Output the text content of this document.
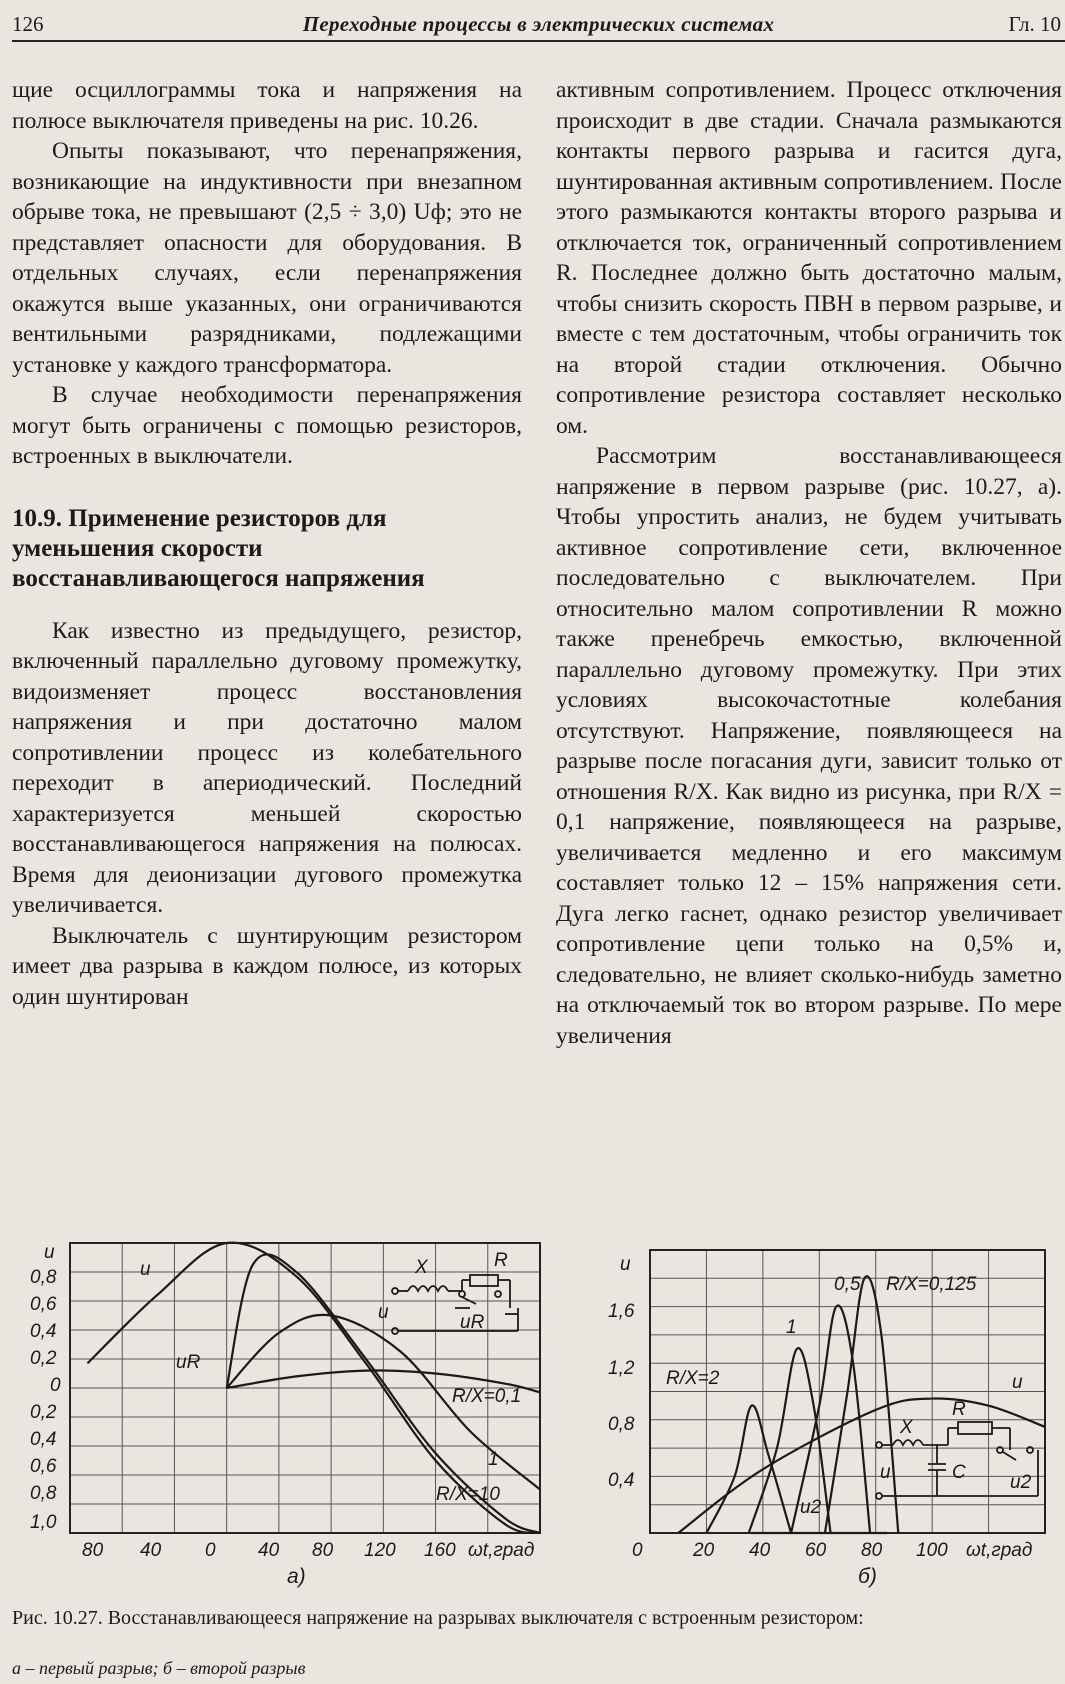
126	Переходные процессы в электрических системах	Гл. 10

щие осциллограммы тока и напряжения на полюсе выключателя приведены на рис. 10.26.

Опыты показывают, что перенапряжения, возникающие на индуктивности при внезапном обрыве тока, не превышают (2,5 ÷ 3,0) Uф; это не представляет опасности для оборудования. В отдельных случаях, если перенапряжения окажутся выше указанных, они ограничиваются вентильными разрядниками, подлежащими установке у каждого трансформатора.

В случае необходимости перенапряжения могут быть ограничены с помощью резисторов, встроенных в выключатели.

10.9. Применение резисторов для уменьшения скорости восстанавливающегося напряжения

Как известно из предыдущего, резистор, включенный параллельно дуговому промежутку, видоизменяет процесс восстановления напряжения и при достаточно малом сопротивлении процесс из колебательного переходит в апериодический. Последний характеризуется меньшей скоростью восстанавливающегося напряжения на полюсах. Время для деионизации дугового промежутка увеличивается.

Выключатель с шунтирующим резистором имеет два разрыва в каждом полюсе, из которых один шунтирован

активным сопротивлением. Процесс отключения происходит в две стадии. Сначала размыкаются контакты первого разрыва и гасится дуга, шунтированная активным сопротивлением. После этого размыкаются контакты второго разрыва и отключается ток, ограниченный сопротивлением R. Последнее должно быть достаточно малым, чтобы снизить скорость ПВН в первом разрыве, и вместе с тем достаточным, чтобы ограничить ток на второй стадии отключения. Обычно сопротивление резистора составляет несколько ом.

Рассмотрим восстанавливающееся напряжение в первом разрыве (рис. 10.27, а). Чтобы упростить анализ, не будем учитывать активное сопротивление сети, включенное последовательно с выключателем. При относительно малом сопротивлении R можно также пренебречь емкостью, включенной параллельно дуговому промежутку. При этих условиях высокочастотные колебания отсутствуют. Напряжение, появляющееся на разрыве после погасания дуги, зависит только от отношения R/X. Как видно из рисунка, при R/X = 0,1 напряжение, появляющееся на разрыве, увеличивается медленно и его максимум составляет только 12 – 15% напряжения сети. Дуга легко гаснет, однако резистор увеличивает сопротивление цепи только на 0,5% и, следовательно, не влияет сколько-нибудь заметно на отключаемый ток во втором разрыве. По мере увеличения

u
0,8
0,6
0,4
0,2
0
0,2
0,4
0,6
0,8
1,0
80 40 0 40 80 120 160 ωt,град
а)
u
uR
R/X=0,1
1
R/X=10
X	R
u	uR
u
1,6
1,2
0,8
0,4
0	20 40 60 80 100 ωt,град
б)
R/X=2
1
0,5 R/X=0,125
u
u2
X
R
C
u	u2
Рис. 10.27. Восстанавливающееся напряжение на разрывах выключателя с встроенным резистором:
а – первый разрыв; б – второй разрыв
